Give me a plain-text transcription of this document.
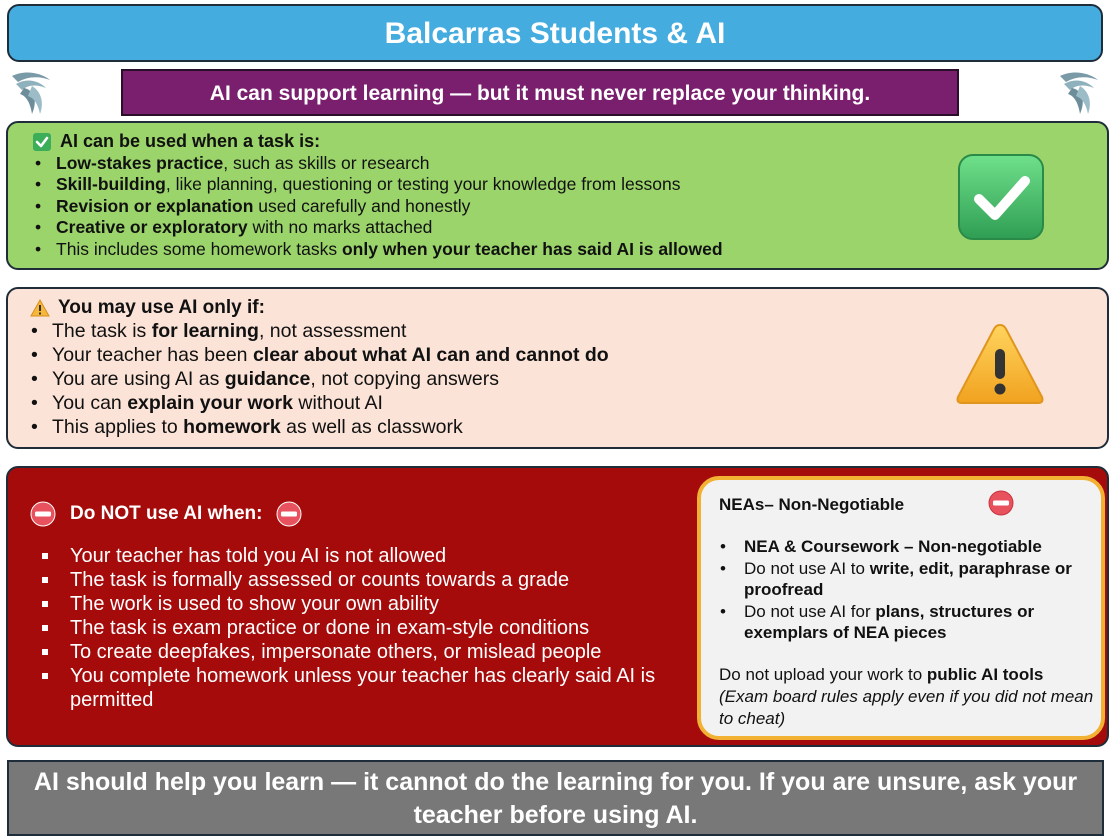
Balcarras Students & AI
AI can support learning — but it must never replace your thinking.
AI can be used when a task is:
• Low-stakes practice, such as skills or research
• Skill-building, like planning, questioning or testing your knowledge from lessons
• Revision or explanation used carefully and honestly
• Creative or exploratory with no marks attached
• This includes some homework tasks only when your teacher has said AI is allowed
You may use AI only if:
• The task is for learning, not assessment
• Your teacher has been clear about what AI can and cannot do
• You are using AI as guidance, not copying answers
• You can explain your work without AI
• This applies to homework as well as classwork
Do NOT use AI when:
Your teacher has told you AI is not allowed
The task is formally assessed or counts towards a grade
The work is used to show your own ability
The task is exam practice or done in exam-style conditions
To create deepfakes, impersonate others, or mislead people
You complete homework unless your teacher has clearly said AI is permitted
NEAs– Non-Negotiable
• NEA & Coursework – Non-negotiable
• Do not use AI to write, edit, paraphrase or proofread
• Do not use AI for plans, structures or exemplars of NEA pieces
Do not upload your work to public AI tools
(Exam board rules apply even if you did not mean to cheat)
AI should help you learn — it cannot do the learning for you. If you are unsure, ask your teacher before using AI.
